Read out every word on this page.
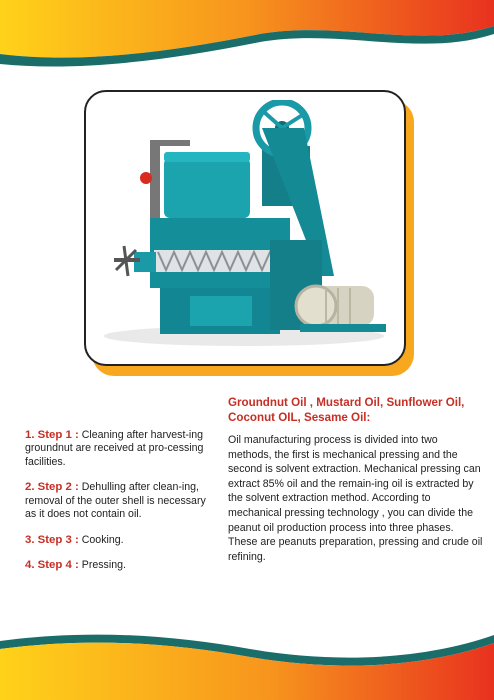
1. Step 1 : Cleaning after harvest-ing groundnut are received at pro-cessing facilities.

2. Step 2 : Dehulling after clean-ing, removal of the outer shell is necessary as it does not contain oil.

3. Step 3 : Cooking.

4. Step 4 : Pressing.

Groundnut Oil , Mustard Oil, Sunflower Oil, Coconut OIL, Sesame Oil:

Oil manufacturing process is divided into two methods, the first is mechanical pressing and the second is solvent extraction. Mechanical pressing can extract 85% oil and the remain-ing oil is extracted by the solvent extraction method. According to mechanical pressing technology , you can divide the peanut oil production process into three phases. These are peanuts preparation, pressing and crude oil refining.
